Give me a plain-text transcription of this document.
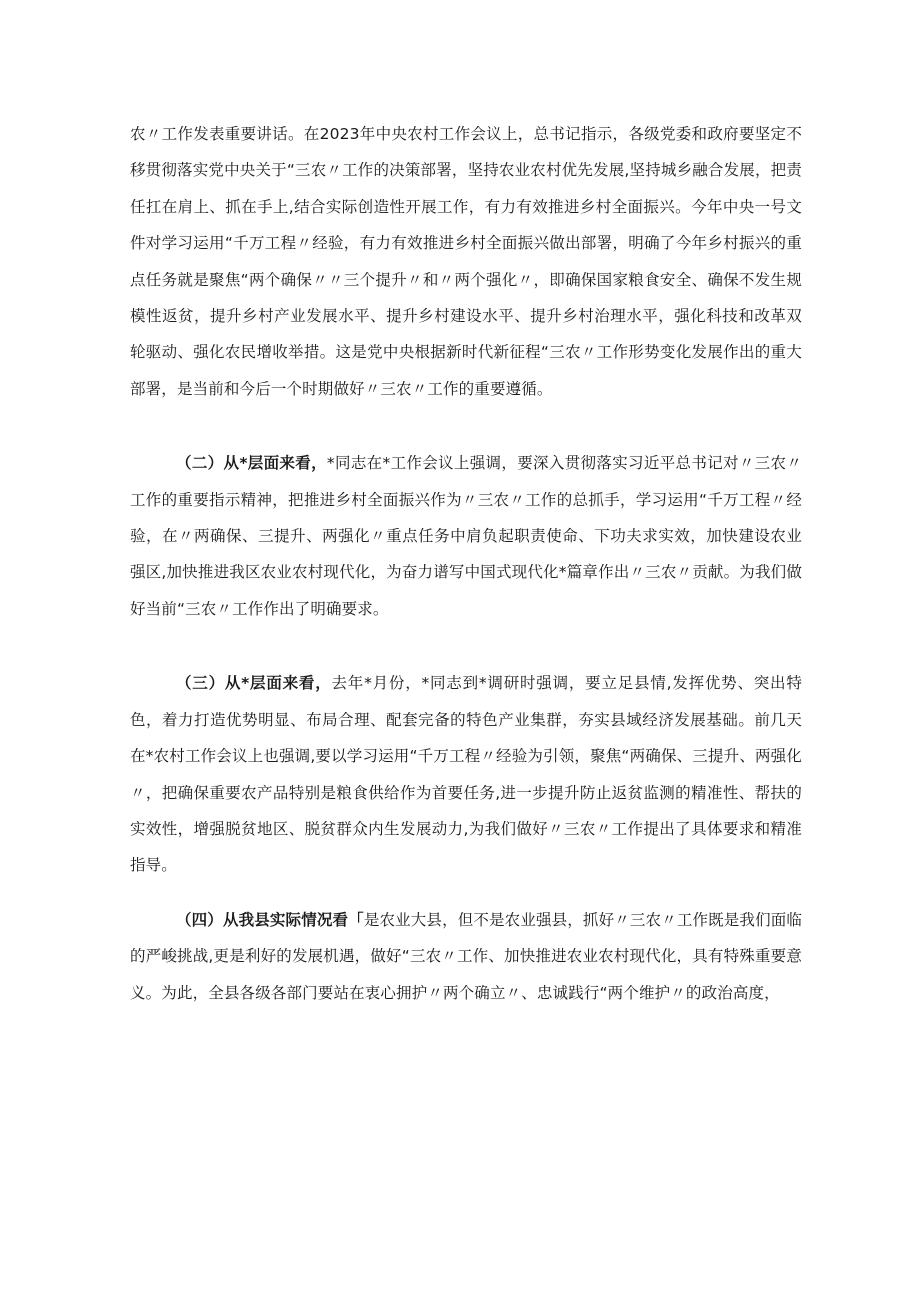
农〃工作发表重要讲话。在2023年中央农村工作会议上，总书记指示，各级党委和政府要坚定不移贯彻落实党中央关于“三农〃工作的决策部署，坚持农业农村优先发展,坚持城乡融合发展，把责任扛在肩上、抓在手上,结合实际创造性开展工作，有力有效推进乡村全面振兴。今年中央一号文件对学习运用“千万工程〃经验，有力有效推进乡村全面振兴做出部署，明确了今年乡村振兴的重点任务就是聚焦“两个确保〃〃三个提升〃和〃两个强化〃，即确保国家粮食安全、确保不发生规模性返贫，提升乡村产业发展水平、提升乡村建设水平、提升乡村治理水平，强化科技和改革双轮驱动、强化农民增收举措。这是党中央根据新时代新征程“三农〃工作形势变化发展作出的重大部署，是当前和今后一个时期做好〃三农〃工作的重要遵循。

（二）从*层面来看，*同志在*工作会议上强调，要深入贯彻落实习近平总书记对〃三农〃工作的重要指示精神，把推进乡村全面振兴作为〃三农〃工作的总抓手，学习运用“千万工程〃经验，在〃两确保、三提升、两强化〃重点任务中肩负起职责使命、下功夫求实效，加快建设农业强区,加快推进我区农业农村现代化，为奋力谱写中国式现代化*篇章作出〃三农〃贡献。为我们做好当前“三农〃工作作出了明确要求。

（三）从*层面来看，去年*月份，*同志到*调研时强调，要立足县情,发挥优势、突出特色，着力打造优势明显、布局合理、配套完备的特色产业集群，夯实县域经济发展基础。前几天在*农村工作会议上也强调,要以学习运用“千万工程〃经验为引领，聚焦“两确保、三提升、两强化〃，把确保重要农产品特别是粮食供给作为首要任务,进一步提升防止返贫监测的精准性、帮扶的实效性，增强脱贫地区、脱贫群众内生发展动力,为我们做好〃三农〃工作提出了具体要求和精准指导。

（四）从我县实际情况看「是农业大县，但不是农业强县，抓好〃三农〃工作既是我们面临的严峻挑战,更是利好的发展机遇，做好“三农〃工作、加快推进农业农村现代化，具有特殊重要意义。为此，全县各级各部门要站在衷心拥护〃两个确立〃、忠诚践行“两个维护〃的政治高度，
